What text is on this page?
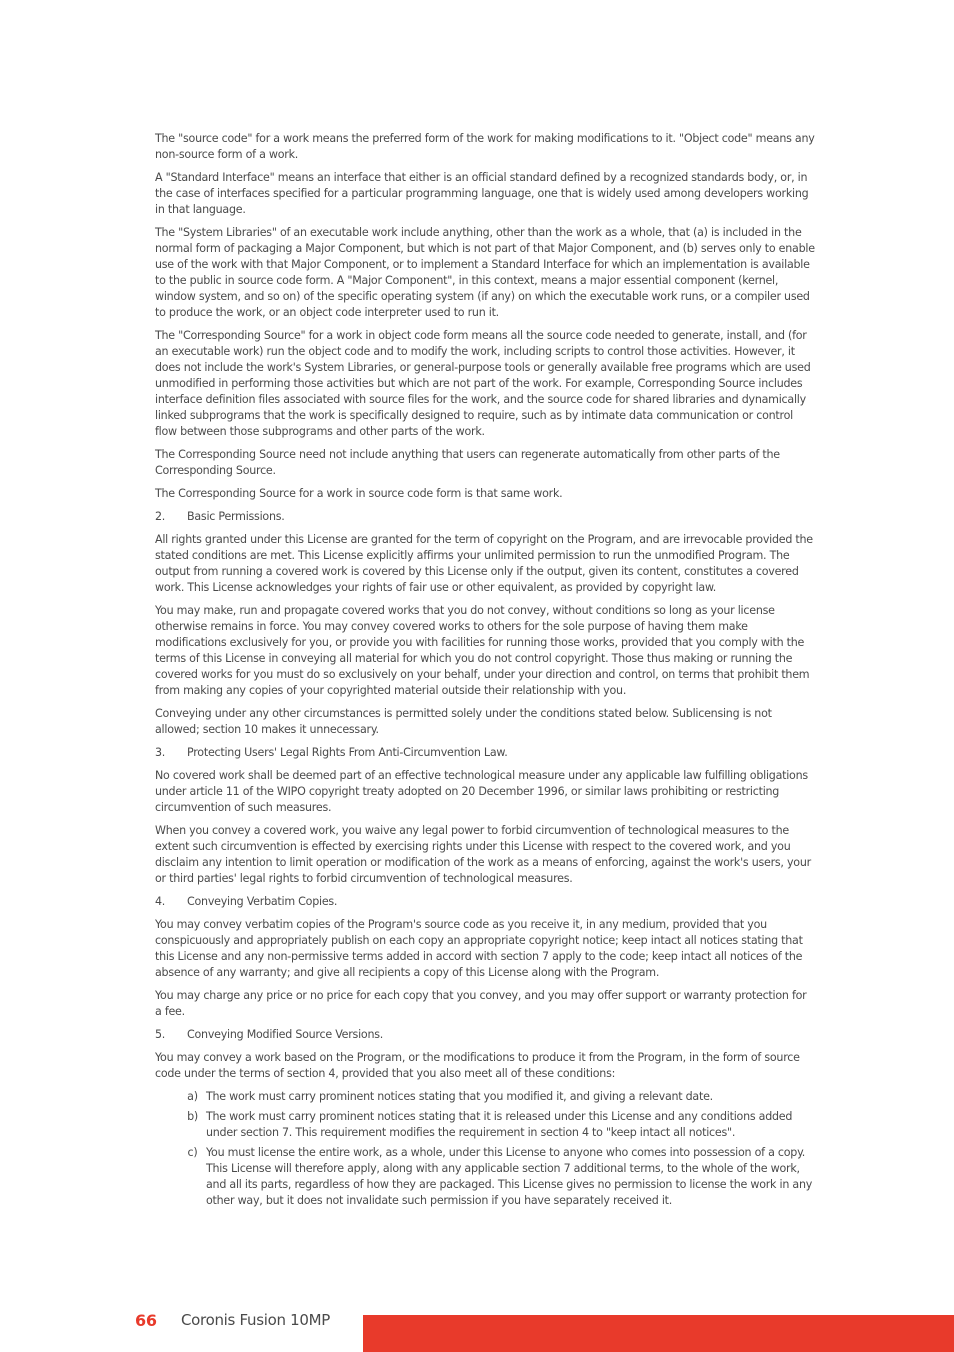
The "source code" for a work means the preferred form of the work for making modifications to it. "Object code" means any non-source form of a work.

A "Standard Interface" means an interface that either is an official standard defined by a recognized standards body, or, in the case of interfaces specified for a particular programming language, one that is widely used among developers working in that language.

The "System Libraries" of an executable work include anything, other than the work as a whole, that (a) is included in the normal form of packaging a Major Component, but which is not part of that Major Component, and (b) serves only to enable use of the work with that Major Component, or to implement a Standard Interface for which an implementation is available to the public in source code form. A "Major Component", in this context, means a major essential component (kernel, window system, and so on) of the specific operating system (if any) on which the executable work runs, or a compiler used to produce the work, or an object code interpreter used to run it.

The "Corresponding Source" for a work in object code form means all the source code needed to generate, install, and (for an executable work) run the object code and to modify the work, including scripts to control those activities. However, it does not include the work's System Libraries, or general-purpose tools or generally available free programs which are used unmodified in performing those activities but which are not part of the work. For example, Corresponding Source includes interface definition files associated with source files for the work, and the source code for shared libraries and dynamically linked subprograms that the work is specifically designed to require, such as by intimate data communication or control flow between those subprograms and other parts of the work.

The Corresponding Source need not include anything that users can regenerate automatically from other parts of the Corresponding Source.

The Corresponding Source for a work in source code form is that same work.

2.	Basic Permissions.

All rights granted under this License are granted for the term of copyright on the Program, and are irrevocable provided the stated conditions are met. This License explicitly affirms your unlimited permission to run the unmodified Program. The output from running a covered work is covered by this License only if the output, given its content, constitutes a covered work. This License acknowledges your rights of fair use or other equivalent, as provided by copyright law.

You may make, run and propagate covered works that you do not convey, without conditions so long as your license otherwise remains in force. You may convey covered works to others for the sole purpose of having them make modifications exclusively for you, or provide you with facilities for running those works, provided that you comply with the terms of this License in conveying all material for which you do not control copyright. Those thus making or running the covered works for you must do so exclusively on your behalf, under your direction and control, on terms that prohibit them from making any copies of your copyrighted material outside their relationship with you.

Conveying under any other circumstances is permitted solely under the conditions stated below. Sublicensing is not allowed; section 10 makes it unnecessary.

3.	Protecting Users' Legal Rights From Anti-Circumvention Law.

No covered work shall be deemed part of an effective technological measure under any applicable law fulfilling obligations under article 11 of the WIPO copyright treaty adopted on 20 December 1996, or similar laws prohibiting or restricting circumvention of such measures.

When you convey a covered work, you waive any legal power to forbid circumvention of technological measures to the extent such circumvention is effected by exercising rights under this License with respect to the covered work, and you disclaim any intention to limit operation or modification of the work as a means of enforcing, against the work's users, your or third parties' legal rights to forbid circumvention of technological measures.

4.	Conveying Verbatim Copies.

You may convey verbatim copies of the Program's source code as you receive it, in any medium, provided that you conspicuously and appropriately publish on each copy an appropriate copyright notice; keep intact all notices stating that this License and any non-permissive terms added in accord with section 7 apply to the code; keep intact all notices of the absence of any warranty; and give all recipients a copy of this License along with the Program.

You may charge any price or no price for each copy that you convey, and you may offer support or warranty protection for a fee.

5.	Conveying Modified Source Versions.

You may convey a work based on the Program, or the modifications to produce it from the Program, in the form of source code under the terms of section 4, provided that you also meet all of these conditions:

a) The work must carry prominent notices stating that you modified it, and giving a relevant date.
b) The work must carry prominent notices stating that it is released under this License and any conditions added under section 7. This requirement modifies the requirement in section 4 to "keep intact all notices".
c) You must license the entire work, as a whole, under this License to anyone who comes into possession of a copy. This License will therefore apply, along with any applicable section 7 additional terms, to the whole of the work, and all its parts, regardless of how they are packaged. This License gives no permission to license the work in any other way, but it does not invalidate such permission if you have separately received it.
66 Coronis Fusion 10MP
